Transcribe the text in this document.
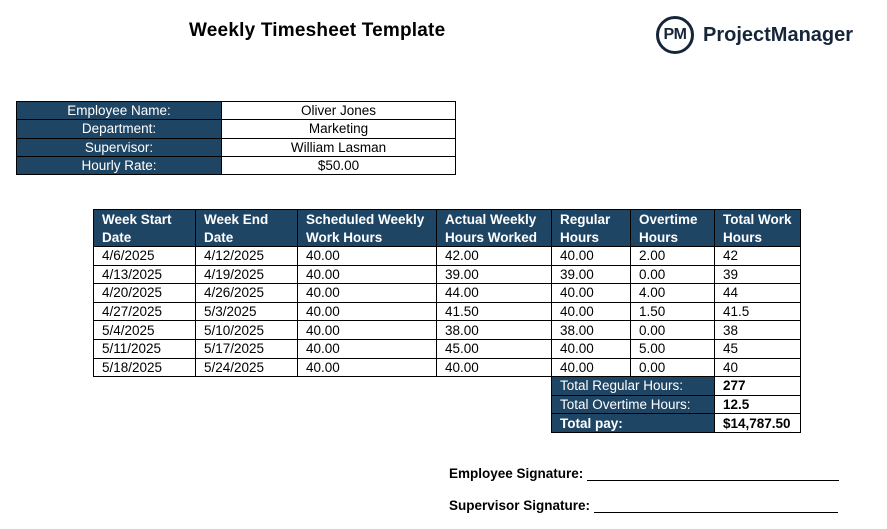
Weekly Timesheet Template	PM ProjectManager
Employee Name:	Oliver Jones
Department:	Marketing
Supervisor:	William Lasman
Hourly Rate:	$50.00
Week Start Date	Week End Date	Scheduled Weekly Work Hours	Actual Weekly Hours Worked	Regular Hours	Overtime Hours	Total Work Hours
4/6/2025	4/12/2025	40.00	42.00	40.00	2.00	42
4/13/2025	4/19/2025	40.00	39.00	39.00	0.00	39
4/20/2025	4/26/2025	40.00	44.00	40.00	4.00	44
4/27/2025	5/3/2025	40.00	41.50	40.00	1.50	41.5
5/4/2025	5/10/2025	40.00	38.00	38.00	0.00	38
5/11/2025	5/17/2025	40.00	45.00	40.00	5.00	45
5/18/2025	5/24/2025	40.00	40.00	40.00	0.00	40
				Total Regular Hours:		277
				Total Overtime Hours:		12.5
				Total pay:		$14,787.50
Employee Signature:
Supervisor Signature:
